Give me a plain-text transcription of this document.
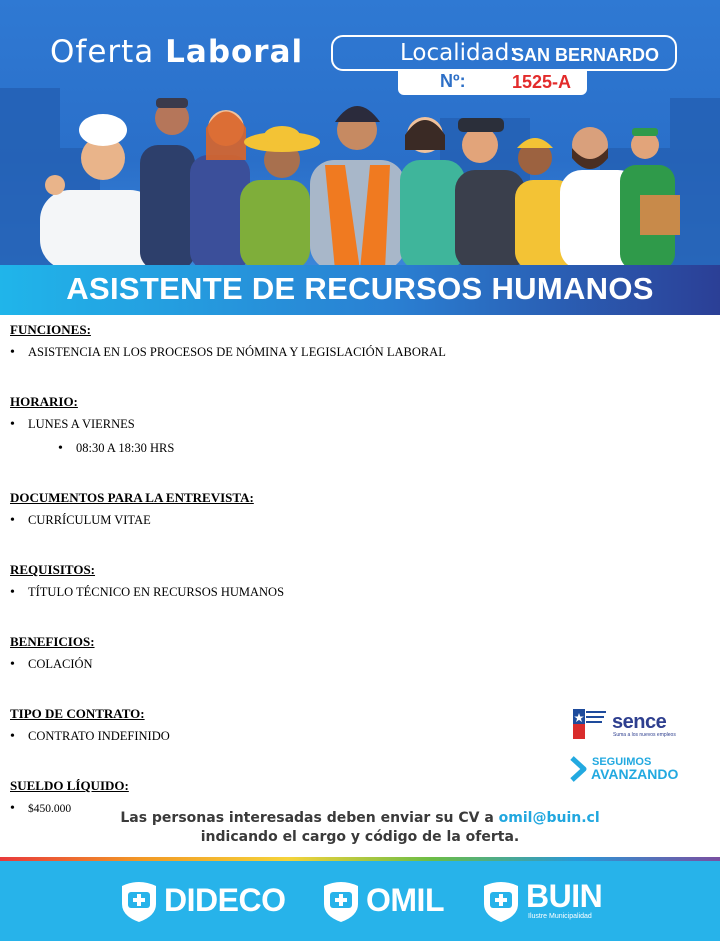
Oferta Laboral	Localidad:
SAN BERNARDO
Nº:	1525-A
ASISTENTE DE RECURSOS HUMANOS
FUNCIONES:
• ASISTENCIA EN LOS PROCESOS DE NÓMINA Y LEGISLACIÓN LABORAL
HORARIO:
• LUNES A VIERNES
• 08:30 A 18:30 HRS
DOCUMENTOS PARA LA ENTREVISTA:
• CURRÍCULUM VITAE
REQUISITOS:
• TÍTULO TÉCNICO EN RECURSOS HUMANOS
BENEFICIOS:
• COLACIÓN
TIPO DE CONTRATO:
• CONTRATO INDEFINIDO
SUELDO LÍQUIDO:
• $450.000
sence
Suma a los nuevos empleos
SEGUIMOS
AVANZANDO
Las personas interesadas deben enviar su CV a omil@buin.cl
indicando el cargo y código de la oferta.
DIDECO	OMIL	BUIN
Ilustre Municipalidad
